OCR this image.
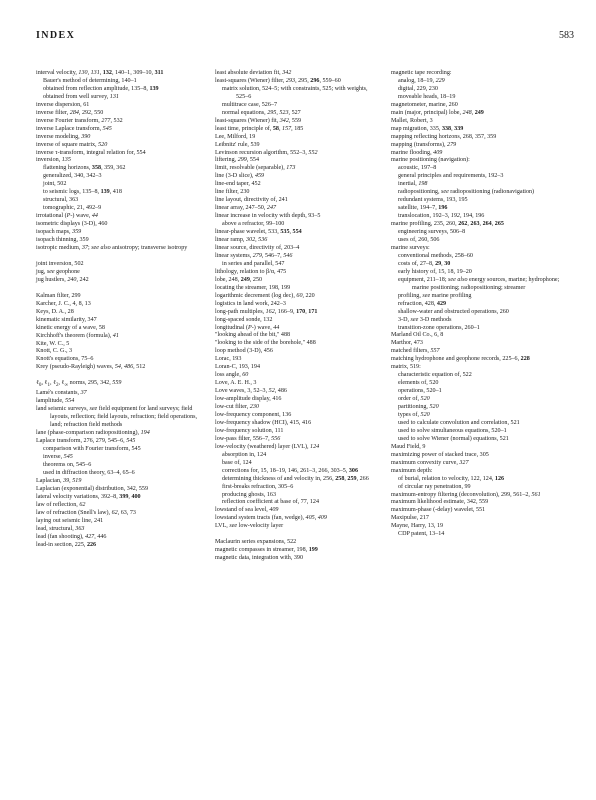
INDEX	583
interval velocity, 130, 131, 132, 140–1, 309–10, 311
Bauer's method of determining, 140–1
obtained from reflection amplitude, 135–8, 139
obtained from well survey, 131
inverse dispersion, 61
inverse filter, 284, 292, 550
inverse Fourier transform, 277, 532
inverse Laplace transform, 545
inverse modeling, 390
inverse of square matrix, 520
inverse τ-transform, integral relation for, 554
inversion, 135
flattening horizons, 358, 359, 362
generalized, 340, 342–3
joint, 502
to seismic logs, 135–8, 139, 418
structural, 363
tomographic, 21, 492–9
irrotational (P-) wave, 44
isometric displays (3-D), 460
isopach maps, 359
isopach thinning, 359
isotropic medium, 37; see also anisotropy; transverse isotropy
joint inversion, 502
jug, see geophone
jug hustlers, 240, 242
Kalman filter, 299
Karcher, J. C., 4, 8, 13
Keys, D. A., 28
kinematic similarity, 347
kinetic energy of a wave, 58
Kirchhoff's theorem (formula), 41
Kite, W. C., 5
Knott, C. G., 3
Knott's equations, 75–6
Krey (pseudo-Rayleigh) waves, 54, 486, 512
ℓ$_0$, ℓ$_1$, ℓ$_2$, ℓ$_\infty$ norms, 295, 342, 559
Lamé's constants, 37
lamplitude, 554
land seismic surveys, see field equipment for land surveys; field layouts, reflection; field layouts, refraction; field operations, land; refraction field methods
lane (phase-comparison radiopositioning), 194
Laplace transform, 276, 279, 545–6, 545
comparison with Fourier transform, 545
inverse, 545
theorems on, 545–6
used in diffraction theory, 63–4, 65–6
Laplacian, 39, 519
Laplacian (exponential) distribution, 342, 559
lateral velocity variations, 392–8, 399, 400
law of reflection, 62
law of refraction (Snell's law), 62, 63, 73
laying out seismic line, 241
lead, structural, 363
lead (fan shooting), 427, 446
lead-in section, 225, 226
least absolute deviation fit, 342
least-squares (Wiener) filter, 293, 295, 296, 559–60
matrix solution, 524–5; with constraints, 525; with weights, 525–6
multitrace case, 526–7
normal equations, 295, 523, 527
least-squares (Wiener) fit, 342, 559
least time, principle of, 58, 157, 185
Lee, Milford, 19
Leibnitz' rule, 539
Levinson recursion algorithm, 552–3, 552
liftering, 299, 554
limit, resolvable (separable), 173
line (3-D slice), 459
line-end taper, 452
line filter, 230
line layout, directivity of, 241
linear array, 247–50, 247
linear increase in velocity with depth, 93–5
above a refractor, 99–100
linear-phase wavelet, 533, 535, 554
linear ramp, 302, 536
linear source, directivity of, 203–4
linear systems, 279, 546–7, 546
in series and parallel, 547
lithology, relation to β/α, 475
lobe, 248, 249, 250
locating the streamer, 198, 199
logarithmic decrement (log dec), 60, 220
logistics in land work, 242–3
long-path multiples, 162, 166–9, 170, 171
long-spaced sonde, 132
longitudinal (P-) wave, 44
"looking ahead of the bit," 488
"looking to the side of the borehole," 488
loop method (3-D), 456
Lorac, 193
Loran-C, 193, 194
loss angle, 60
Love, A. E. H., 3
Love waves, 3, 52–3, 52, 486
low-amplitude display, 416
low-cut filter, 230
low-frequency component, 136
low-frequency shadow (HCI), 415, 416
low-frequency solution, 111
low-pass filter, 556–7, 556
low-velocity (weathered) layer (LVL), 124
absorption in, 124
base of, 124
corrections for, 15, 18–19, 146, 261–3, 266, 303–5, 306
determining thickness of and velocity in, 256, 258, 259, 266
first-breaks refraction, 305–6
producing ghosts, 163
reflection coefficient at base of, 77, 124
lowstand of sea level, 409
lowstand system tracts (fan, wedge), 405, 409
LVL, see low-velocity layer
Maclaurin series expansions, 522
magnetic compasses in streamer, 198, 199
magnetic data, integration with, 390
magnetic tape recording:
analog, 18–19, 229
digital, 229, 230
moveable heads, 18–19
magnetometer, marine, 260
main (major, principal) lobe, 248, 249
Mallet, Robert, 3
map migration, 335, 338, 339
mapping reflecting horizons, 268, 357, 359
mapping (transforms), 279
marine flooding, 409
marine positioning (navigation):
acoustic, 197–8
general principles and requirements, 192–3
inertial, 198
radiopositioning, see radiopositioning (radionavigation)
redundant systems, 193, 195
satellite, 194–7, 196
translocation, 192–3, 192, 194, 196
marine profiling, 235, 260, 262, 263, 264, 265
engineering surveys, 506–8
uses of, 260, 506
marine surveys:
conventional methods, 258–60
costs of, 27–8, 29, 30
early history of, 15, 18, 19–20
equipment, 211–18; see also energy sources, marine; hydrophone; marine positioning; radiopositioning; streamer
profiling, see marine profiling
refraction, 428, 429
shallow-water and obstructed operations, 260
3-D, see 3-D methods
transition-zone operations, 260–1
Marland Oil Co., 6, 8
Marthor, 473
matched filters, 557
matching hydrophone and geophone records, 225–6, 228
matrix, 519:
characteristic equation of, 522
elements of, 520
operations, 520–1
order of, 520
partitioning, 520
types of, 520
used to calculate convolution and correlation, 521
used to solve simultaneous equations, 520–1
used to solve Wiener (normal) equations, 521
Maud Field, 9
maximizing power of stacked trace, 305
maximum convexity curve, 327
maximum depth:
of burial, relation to velocity, 122, 124, 126
of circular ray penetration, 99
maximum-entropy filtering (deconvolution), 299, 561–2, 561
maximum likelihood estimate, 342, 559
maximum-phase (-delay) wavelet, 551
Maxipulse, 217
Mayne, Harry, 13, 19
CDP patent, 13–14
